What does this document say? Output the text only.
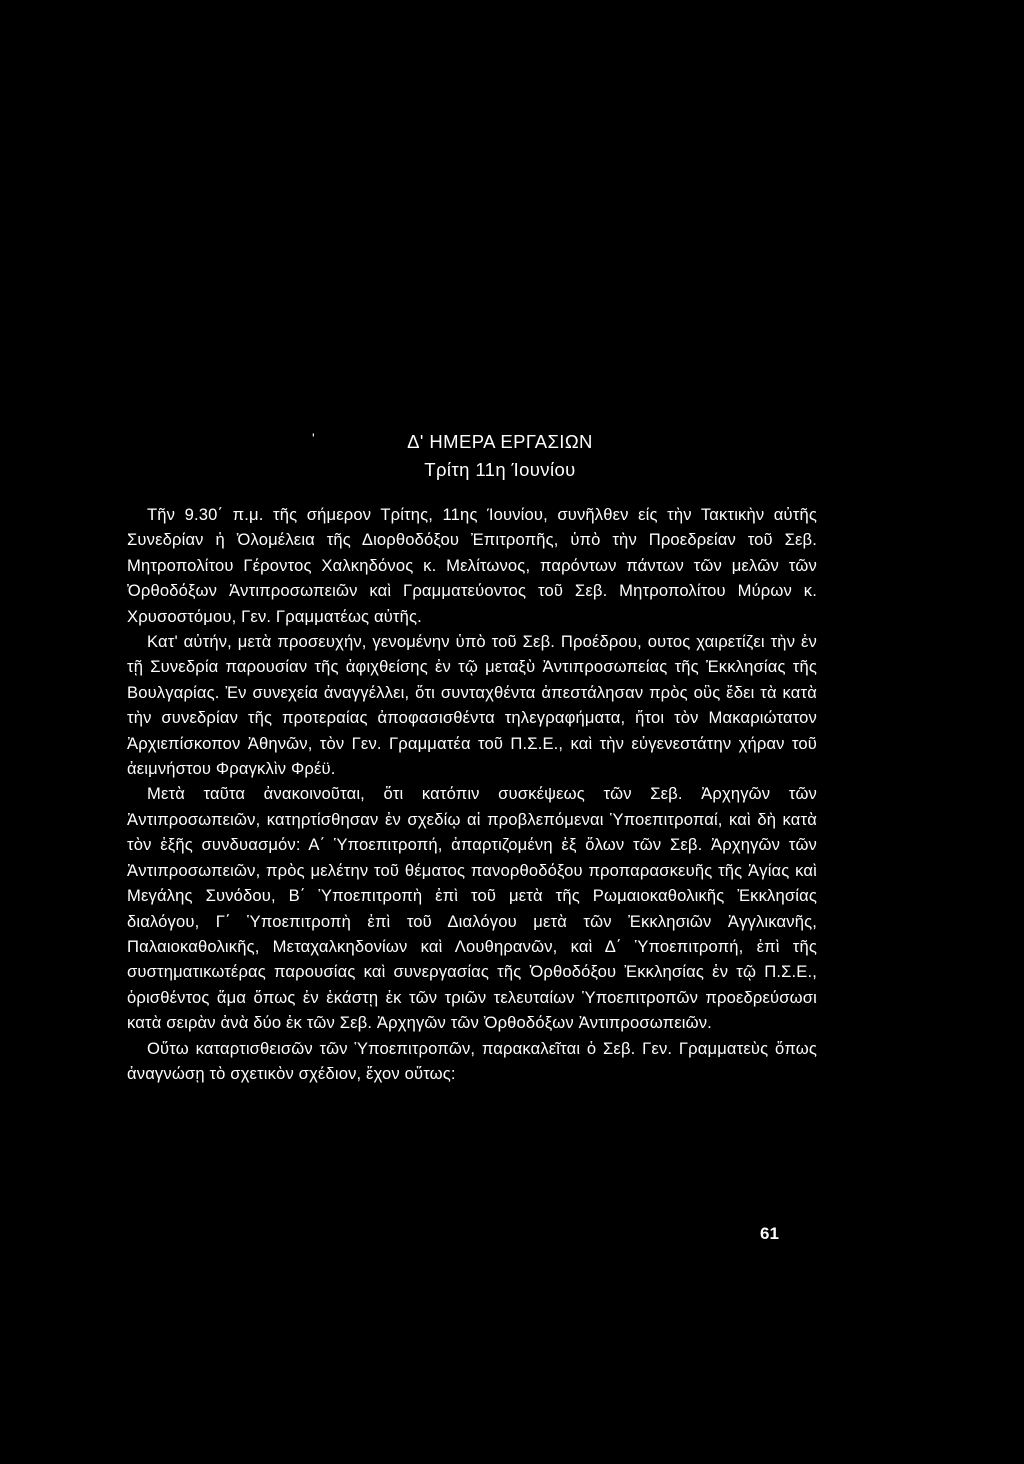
'	Δ' ΗΜΕΡΑ ΕΡΓΑΣΙΩΝ
Τρίτη 11η Ίουνίου

Τῆν 9.30΄ π.μ. τῆς σήμερον Τρίτης, 11ης Ίουνίου, συνῆλθεν είς τὴν Τακτικὴν αὐτῆς Συνεδρίαν ἡ Ὀλομέλεια τῆς Διορθοδόξου Ἐπιτροπῆς, ὑπὸ τὴν Προεδρείαν τοῦ Σεβ. Μητροπολίτου Γέροντος Χαλκηδόνος κ. Μελίτωνος, παρόντων πάντων τῶν μελῶν τῶν Ὀρθοδόξων Ἀντιπροσωπειῶν καὶ Γραμματεύοντος τοῦ Σεβ. Μητροπολίτου Μύρων κ. Χρυσοστόμου, Γεν. Γραμματέως αὐτῆς.

Κατ' αὐτήν, μετὰ προσευχήν, γενομένην ὑπὸ τοῦ Σεβ. Προέδρου, ουτος χαιρετίζει τὴν ἐν τῇ Συνεδρία παρουσίαν τῆς ἀφιχθείσης ἐν τῷ μεταξὺ Ἀντιπροσωπείας τῆς Ἐκκλησίας τῆς Βουλγαρίας. Ἐν συνεχεία ἀναγγέλλει, ὅτι συνταχθέντα ἀπεστάλησαν πρὸς οὓς ἔδει τὰ κατὰ τὴν συνεδρίαν τῆς προτεραίας ἀποφασισθέντα τηλεγραφήματα, ἤτοι τὸν Μακαριώτατον Ἀρχιεπίσκοπον Ἀθηνῶν, τὸν Γεν. Γραμματέα τοῦ Π.Σ.Ε., καὶ τὴν εὐγενεστάτην χήραν τοῦ ἀειμνήστου Φραγκλὶν Φρέϋ.

Μετὰ ταῦτα ἀνακοινοῦται, ὅτι κατόπιν συσκέψεως τῶν Σεβ. Ἀρχηγῶν τῶν Ἀντιπροσωπειῶν, κατηρτίσθησαν ἐν σχεδίῳ αἱ προβλεπόμεναι Ὑποεπιτροπαί, καὶ δὴ κατὰ τὸν ἑξῆς συνδυασμόν: Α΄ Ὑποεπιτροπή, ἀπαρτιζομένη ἐξ ὅλων τῶν Σεβ. Ἀρχηγῶν τῶν Ἀντιπροσωπειῶν, πρὸς μελέτην τοῦ θέματος πανορθοδόξου προπαρασκευῆς τῆς Ἁγίας καὶ Μεγάλης Συνόδου, Β΄ Ὑποεπιτροπὴ ἐπὶ τοῦ μετὰ τῆς Ρωμαιοκαθολικῆς Ἐκκλησίας διαλόγου, Γ΄ Ὑποεπιτροπὴ ἐπὶ τοῦ Διαλόγου μετὰ τῶν Ἐκκλησιῶν Ἀγγλικανῆς, Παλαιοκαθολικῆς, Μεταχαλκηδονίων καὶ Λουθηρανῶν, καὶ Δ΄ Ὑποεπιτροπή, ἐπὶ τῆς συστηματικωτέρας παρουσίας καὶ συνεργασίας τῆς Ὀρθοδόξου Ἐκκλησίας ἐν τῷ Π.Σ.Ε., ὁρισθέντος ἅμα ὅπως ἐν ἑκάστῃ ἐκ τῶν τριῶν τελευταίων Ὑποεπιτροπῶν προεδρεύσωσι κατὰ σειρὰν ἀνὰ δύο ἐκ τῶν Σεβ. Ἀρχηγῶν τῶν Ὀρθοδόξων Ἀντιπροσωπειῶν.

Οὕτω καταρτισθεισῶν τῶν Ὑποεπιτροπῶν, παρακαλεῖται ὁ Σεβ. Γεν. Γραμματεὺς ὅπως ἀναγνώσῃ τὸ σχετικὸν σχέδιον, ἔχον οὕτως:

61
